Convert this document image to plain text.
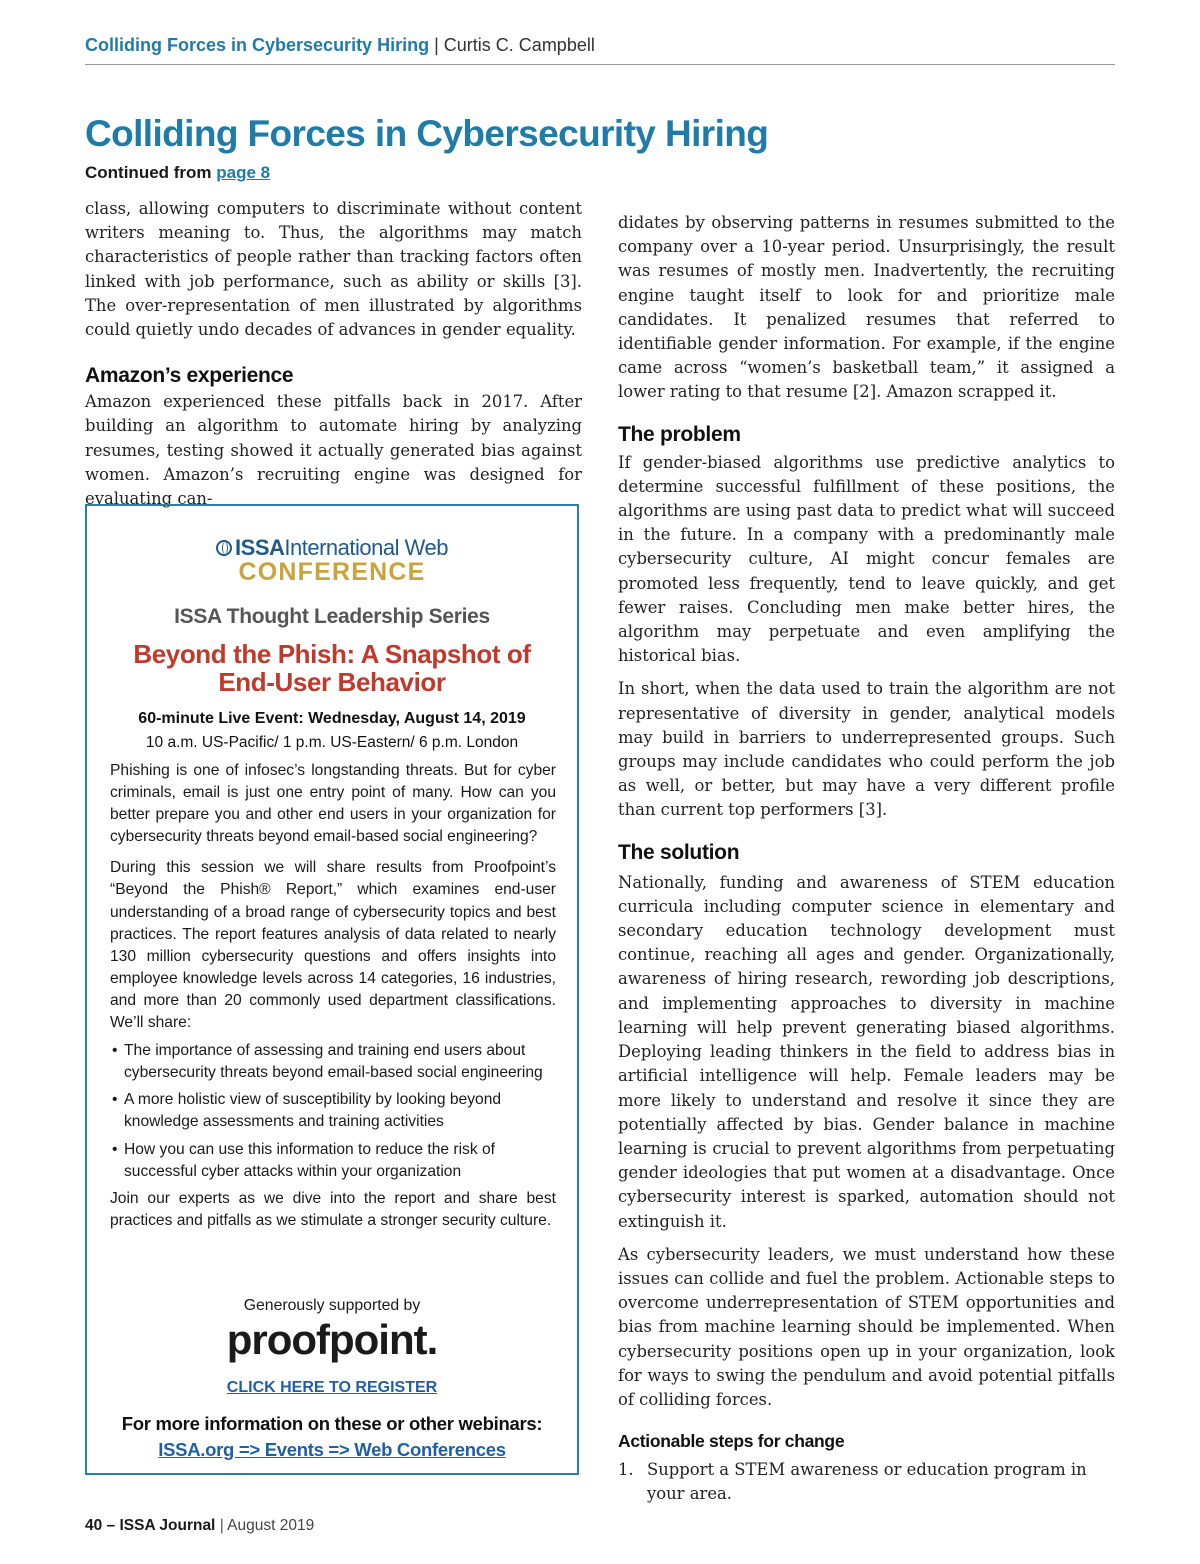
Colliding Forces in Cybersecurity Hiring | Curtis C. Campbell
Colliding Forces in Cybersecurity Hiring
Continued from page 8

class, allowing computers to discriminate without content writers meaning to. Thus, the algorithms may match characteristics of people rather than tracking factors often linked with job performance, such as ability or skills [3]. The over-representation of men illustrated by algorithms could quietly undo decades of advances in gender equality.

Amazon’s experience

Amazon experienced these pitfalls back in 2017. After building an algorithm to automate hiring by analyzing resumes, testing showed it actually generated bias against women. Amazon’s recruiting engine was designed for evaluating can-

ISSAInternational Web
CONFERENCE
ISSA Thought Leadership Series
Beyond the Phish: A Snapshot of End-User Behavior
60-minute Live Event: Wednesday, August 14, 2019
10 a.m. US-Pacific/ 1 p.m. US-Eastern/ 6 p.m. London

Phishing is one of infosec’s longstanding threats. But for cyber criminals, email is just one entry point of many. How can you better prepare you and other end users in your organization for cybersecurity threats beyond email-based social engineering?

During this session we will share results from Proofpoint’s “Beyond the Phish® Report,” which examines end-user understanding of a broad range of cybersecurity topics and best practices. The report features analysis of data related to nearly 130 million cybersecurity questions and offers insights into employee knowledge levels across 14 categories, 16 industries, and more than 20 commonly used department classifications. We’ll share:

• The importance of assessing and training end users about cybersecurity threats beyond email-based social engineering
• A more holistic view of susceptibility by looking beyond knowledge assessments and training activities
• How you can use this information to reduce the risk of successful cyber attacks within your organization

Join our experts as we dive into the report and share best practices and pitfalls as we stimulate a stronger security culture.

Generously supported by
proofpoint.
CLICK HERE TO REGISTER
For more information on these or other webinars:
ISSA.org => Events => Web Conferences

didates by observing patterns in resumes submitted to the company over a 10-year period. Unsurprisingly, the result was resumes of mostly men. Inadvertently, the recruiting engine taught itself to look for and prioritize male candidates. It penalized resumes that referred to identifiable gender information. For example, if the engine came across “women’s basketball team,” it assigned a lower rating to that resume [2]. Amazon scrapped it.

The problem

If gender-biased algorithms use predictive analytics to determine successful fulfillment of these positions, the algorithms are using past data to predict what will succeed in the future. In a company with a predominantly male cybersecurity culture, AI might concur females are promoted less frequently, tend to leave quickly, and get fewer raises. Concluding men make better hires, the algorithm may perpetuate and even amplifying the historical bias.

In short, when the data used to train the algorithm are not representative of diversity in gender, analytical models may build in barriers to underrepresented groups. Such groups may include candidates who could perform the job as well, or better, but may have a very different profile than current top performers [3].

The solution

Nationally, funding and awareness of STEM education curricula including computer science in elementary and secondary education technology development must continue, reaching all ages and gender. Organizationally, awareness of hiring research, rewording job descriptions, and implementing approaches to diversity in machine learning will help prevent generating biased algorithms. Deploying leading thinkers in the field to address bias in artificial intelligence will help. Female leaders may be more likely to understand and resolve it since they are potentially affected by bias. Gender balance in machine learning is crucial to prevent algorithms from perpetuating gender ideologies that put women at a disadvantage. Once cybersecurity interest is sparked, automation should not extinguish it.

As cybersecurity leaders, we must understand how these issues can collide and fuel the problem. Actionable steps to overcome underrepresentation of STEM opportunities and bias from machine learning should be implemented. When cybersecurity positions open up in your organization, look for ways to swing the pendulum and avoid potential pitfalls of colliding forces.

Actionable steps for change
1. Support a STEM awareness or education program in your area.
40 – ISSA Journal | August 2019
